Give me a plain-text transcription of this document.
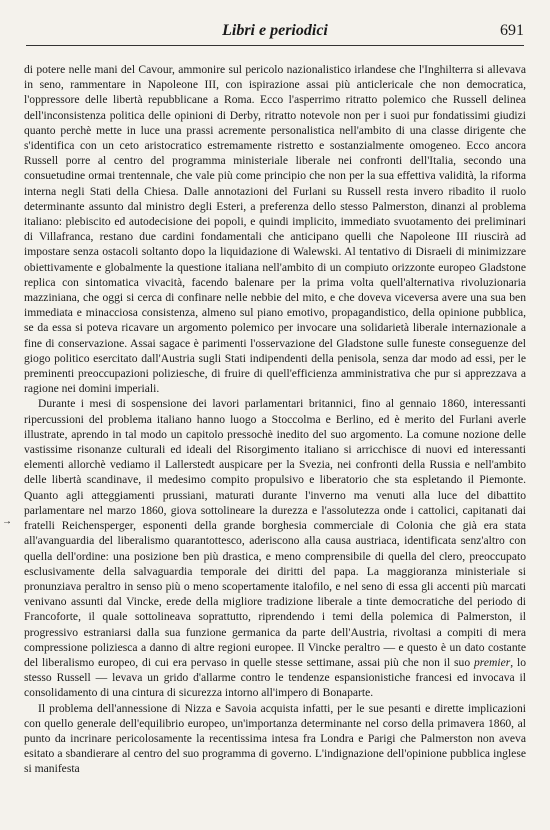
Libri e periodici	691
→

di potere nelle mani del Cavour, ammonire sul pericolo nazionalistico irlandese che l'Inghilterra si allevava in seno, rammentare in Napoleone III, con ispirazione assai più anticlericale che non democratica, l'oppressore delle libertà repubblicane a Roma. Ecco l'asperrimo ritratto polemico che Russell delinea dell'inconsistenza politica delle opinioni di Derby, ritratto notevole non per i suoi pur fondatissimi giudizi quanto perchè mette in luce una prassi acremente personalistica nell'ambito di una classe dirigente che s'identifica con un ceto aristocratico estremamente ristretto e sostanzialmente omogeneo. Ecco ancora Russell porre al centro del programma ministeriale liberale nei confronti dell'Italia, secondo una consuetudine ormai trentennale, che vale più come principio che non per la sua effettiva validità, la riforma interna negli Stati della Chiesa. Dalle annotazioni del Furlani su Russell resta invero ribadito il ruolo determinante assunto dal ministro degli Esteri, a preferenza dello stesso Palmerston, dinanzi al problema italiano: plebiscito ed autodecisione dei popoli, e quindi implicito, immediato svuotamento dei preliminari di Villafranca, restano due cardini fondamentali che anticipano quelli che Napoleone III riuscirà ad impostare senza ostacoli soltanto dopo la liquidazione di Walewski. Al tentativo di Disraeli di minimizzare obiettivamente e globalmente la questione italiana nell'ambito di un compiuto orizzonte europeo Gladstone replica con sintomatica vivacità, facendo balenare per la prima volta quell'alternativa rivoluzionaria mazziniana, che oggi si cerca di confinare nelle nebbie del mito, e che doveva viceversa avere una sua ben immediata e minacciosa consistenza, almeno sul piano emotivo, propagandistico, della opinione pubblica, se da essa si poteva ricavare un argomento polemico per invocare una solidarietà liberale internazionale a fine di conservazione. Assai sagace è parimenti l'osservazione del Gladstone sulle funeste conseguenze del giogo politico esercitato dall'Austria sugli Stati indipendenti della penisola, senza dar modo ad essi, per le preminenti preoccupazioni poliziesche, di fruire di quell'efficienza amministrativa che pur si apprezzava a ragione nei domini imperiali.

Durante i mesi di sospensione dei lavori parlamentari britannici, fino al gennaio 1860, interessanti ripercussioni del problema italiano hanno luogo a Stoccolma e Berlino, ed è merito del Furlani averle illustrate, aprendo in tal modo un capitolo pressochè inedito del suo argomento. La comune nozione delle vastissime risonanze culturali ed ideali del Risorgimento italiano si arricchisce di nuovi ed interessanti elementi allorchè vediamo il Lallerstedt auspicare per la Svezia, nei confronti della Russia e nell'ambito delle libertà scandinave, il medesimo compito propulsivo e liberatorio che sta espletando il Piemonte. Quanto agli atteggiamenti prussiani, maturati durante l'inverno ma venuti alla luce del dibattito parlamentare nel marzo 1860, giova sottolineare la durezza e l'assolutezza onde i cattolici, capitanati dai fratelli Reichensperger, esponenti della grande borghesia commerciale di Colonia che già era stata all'avanguardia del liberalismo quarantottesco, aderiscono alla causa austriaca, identificata senz'altro con quella dell'ordine: una posizione ben più drastica, e meno comprensibile di quella del clero, preoccupato esclusivamente della salvaguardia temporale dei diritti del papa. La maggioranza ministeriale si pronunziava peraltro in senso più o meno scopertamente italofilo, e nel seno di essa gli accenti più marcati venivano assunti dal Vincke, erede della migliore tradizione liberale a tinte democratiche del periodo di Francoforte, il quale sottolineava soprattutto, riprendendo i temi della polemica di Palmerston, il progressivo estraniarsi dalla sua funzione germanica da parte dell'Austria, rivoltasi a compiti di mera compressione poliziesca a danno di altre regioni europee. Il Vincke peraltro — e questo è un dato costante del liberalismo europeo, di cui era pervaso in quelle stesse settimane, assai più che non il suo premier, lo stesso Russell — levava un grido d'allarme contro le tendenze espansionistiche francesi ed invocava il consolidamento di una cintura di sicurezza intorno all'impero di Bonaparte.

Il problema dell'annessione di Nizza e Savoia acquista infatti, per le sue pesanti e dirette implicazioni con quello generale dell'equilibrio europeo, un'importanza determinante nel corso della primavera 1860, al punto da incrinare pericolosamente la recentissima intesa fra Londra e Parigi che Palmerston non aveva esitato a sbandierare al centro del suo programma di governo. L'indignazione dell'opinione pubblica inglese si manifesta
